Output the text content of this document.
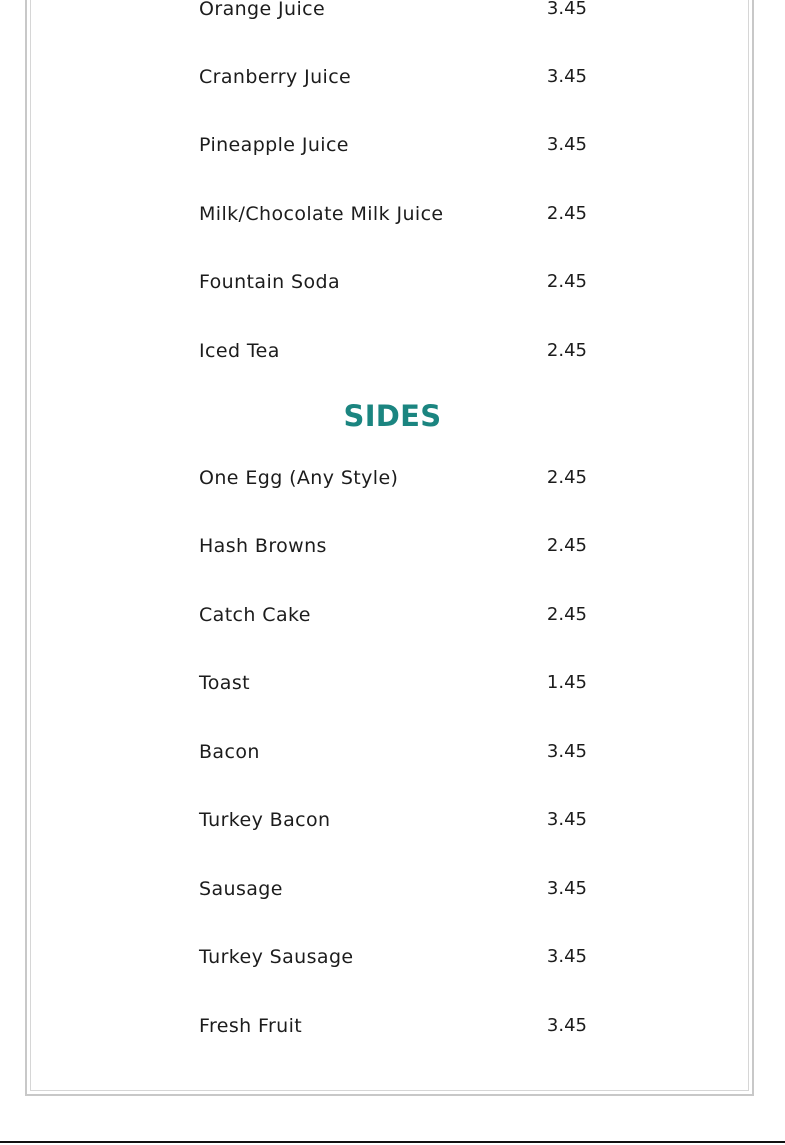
Orange Juice	3.45
Cranberry Juice	3.45
Pineapple Juice	3.45
Milk/Chocolate Milk Juice	2.45
Fountain Soda	2.45
Iced Tea	2.45
SIDES
One Egg (Any Style)	2.45
Hash Browns	2.45
Catch Cake	2.45
Toast	1.45
Bacon	3.45
Turkey Bacon	3.45
Sausage	3.45
Turkey Sausage	3.45
Fresh Fruit	3.45
